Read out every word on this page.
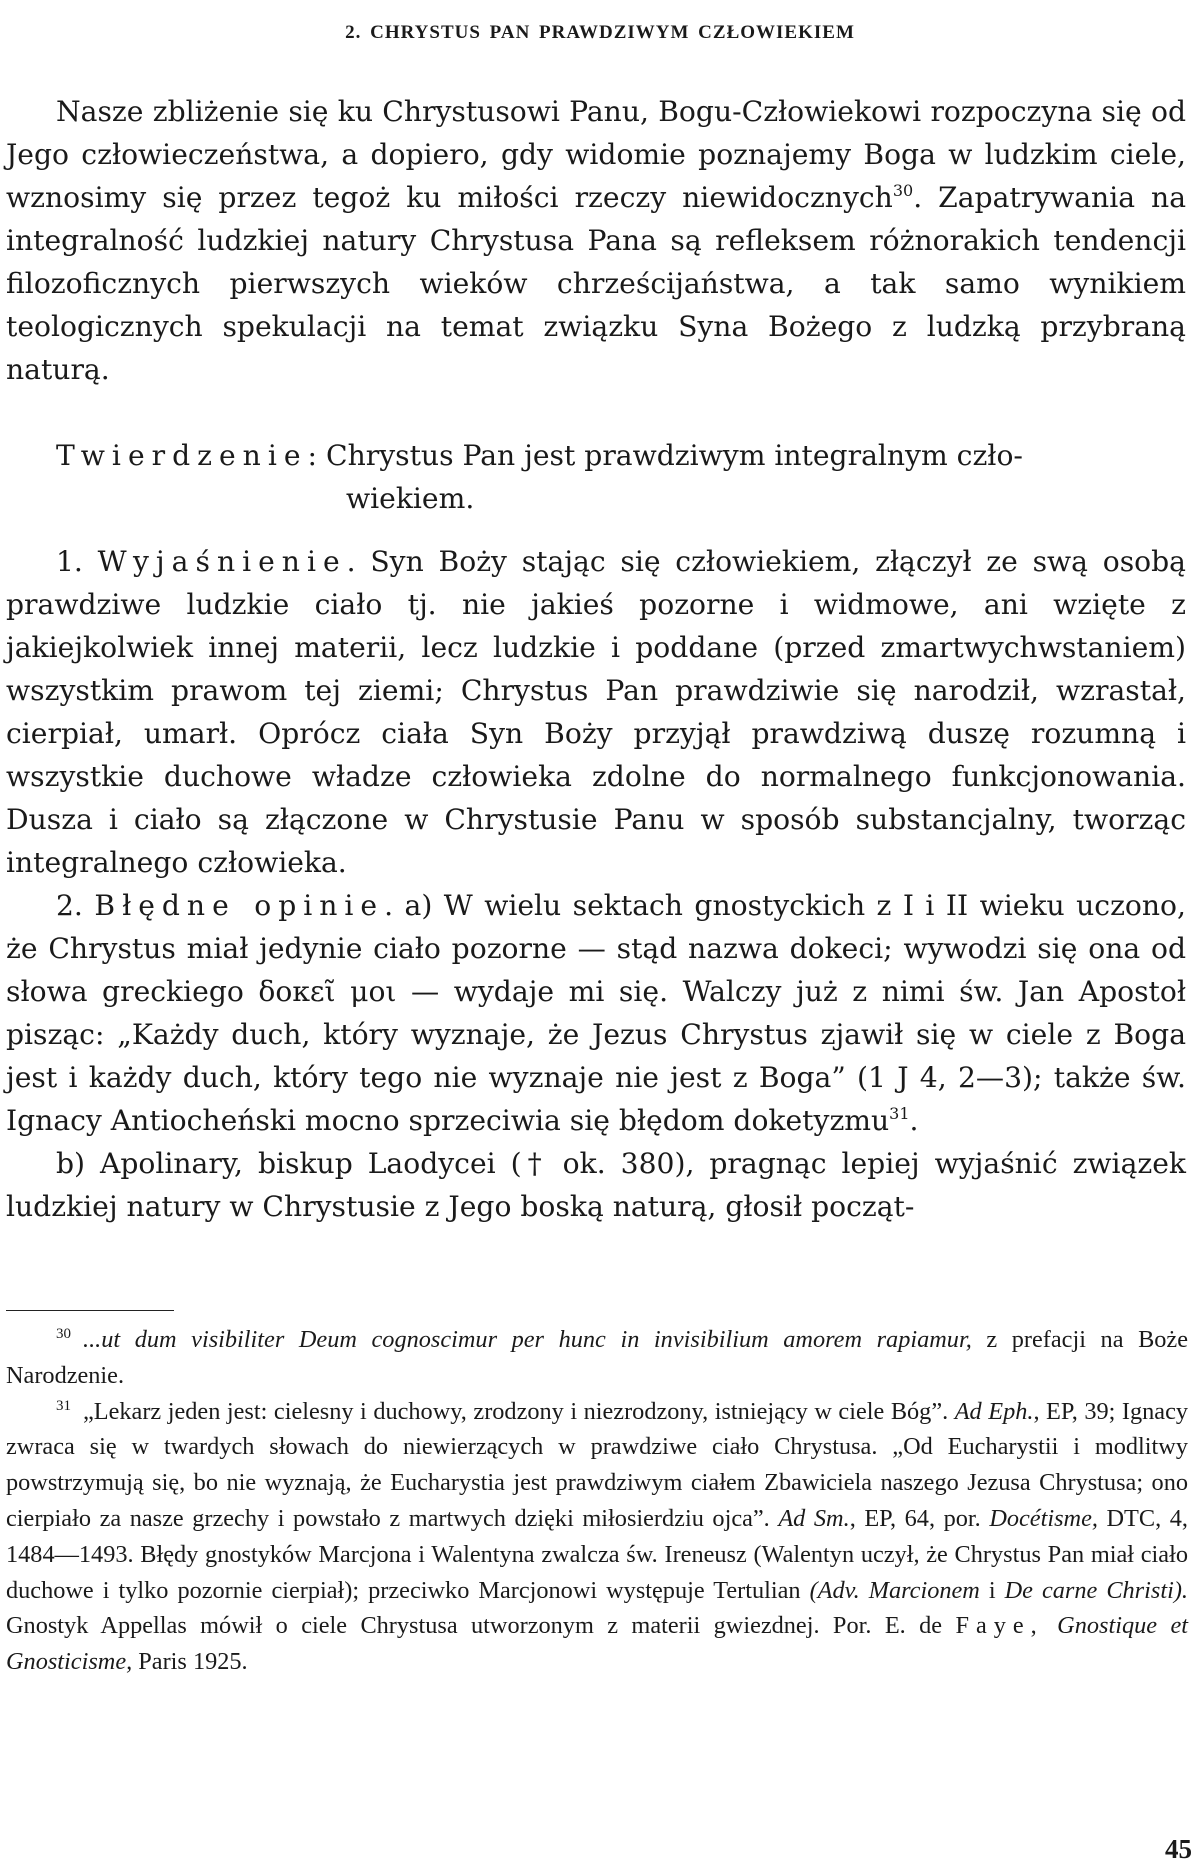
2. CHRYSTUS PAN PRAWDZIWYM CZŁOWIEKIEM

Nasze zbliżenie się ku Chrystusowi Panu, Bogu-Człowiekowi rozpoczyna się od Jego człowieczeństwa, a dopiero, gdy widomie poznajemy Boga w ludzkim ciele, wznosimy się przez tegoż ku miłości rzeczy niewidocznych$^{30}$. Zapatrywania na integralność ludzkiej natury Chrystusa Pana są refleksem różnorakich tendencji filozoficznych pierwszych wieków chrześcijaństwa, a tak samo wynikiem teologicznych spekulacji na temat związku Syna Bożego z ludzką przybraną naturą.

Twierdzenie: Chrystus Pan jest prawdziwym integralnym czło-

wiekiem.

1. Wyjaśnienie. Syn Boży stając się człowiekiem, złączył ze swą osobą prawdziwe ludzkie ciało tj. nie jakieś pozorne i widmowe, ani wzięte z jakiejkolwiek innej materii, lecz ludzkie i poddane (przed zmartwychwstaniem) wszystkim prawom tej ziemi; Chrystus Pan prawdziwie się narodził, wzrastał, cierpiał, umarł. Oprócz ciała Syn Boży przyjął prawdziwą duszę rozumną i wszystkie duchowe władze człowieka zdolne do normalnego funkcjonowania. Dusza i ciało są złączone w Chrystusie Panu w sposób substancjalny, tworząc integralnego człowieka.

2. Błędne opinie. a) W wielu sektach gnostyckich z I i II wieku uczono, że Chrystus miał jedynie ciało pozorne — stąd nazwa dokeci; wywodzi się ona od słowa greckiego δοκεῖ μοι — wydaje mi się. Walczy już z nimi św. Jan Apostoł pisząc: „Każdy duch, który wyznaje, że Jezus Chrystus zjawił się w ciele z Boga jest i każdy duch, który tego nie wyznaje nie jest z Boga” (1 J 4, 2—3); także św. Ignacy Antiocheński mocno sprzeciwia się błędom doketyzmu$^{31}$.

b) Apolinary, biskup Laodycei († ok. 380), pragnąc lepiej wyjaśnić związek ludzkiej natury w Chrystusie z Jego boską naturą, głosił począt-

$^{30}$ ...ut dum visibiliter Deum cognoscimur per hunc in invisibilium amorem rapiamur, z prefacji na Boże Narodzenie.

$^{31}$ „Lekarz jeden jest: cielesny i duchowy, zrodzony i niezrodzony, istniejący w ciele Bóg”. Ad Eph., EP, 39; Ignacy zwraca się w twardych słowach do niewierzących w prawdziwe ciało Chrystusa. „Od Eucharystii i modlitwy powstrzymują się, bo nie wyznają, że Eucharystia jest prawdziwym ciałem Zbawiciela naszego Jezusa Chrystusa; ono cierpiało za nasze grzechy i powstało z martwych dzięki miłosierdziu ojca”. Ad Sm., EP, 64, por. Docétisme, DTC, 4, 1484—1493. Błędy gnostyków Marcjona i Walentyna zwalcza św. Ireneusz (Walentyn uczył, że Chrystus Pan miał ciało duchowe i tylko pozornie cierpiał); przeciwko Marcjonowi występuje Tertulian (Adv. Marcionem i De carne Christi). Gnostyk Appellas mówił o ciele Chrystusa utworzonym z materii gwiezdnej. Por. E. de Faye, Gnostique et Gnosticisme, Paris 1925.

45
